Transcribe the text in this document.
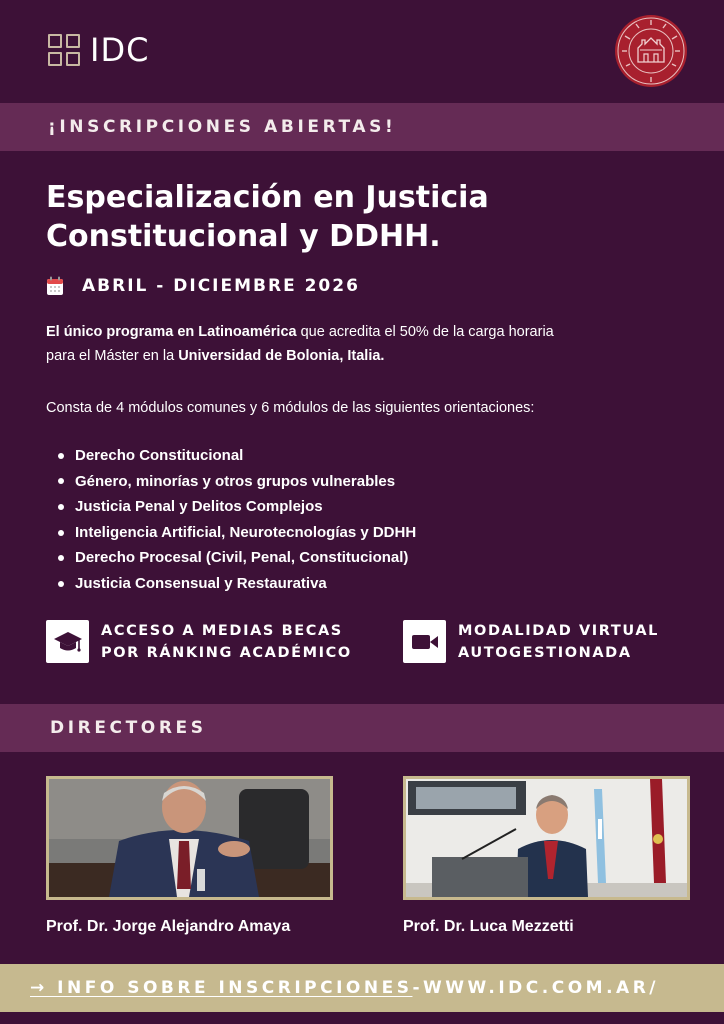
IDC
¡INSCRIPCIONES ABIERTAS!
Especialización en Justicia
Constitucional y DDHH.
ABRIL - DICIEMBRE 2026
El único programa en Latinoamérica que acredita el 50% de la carga horaria
para el Máster en la Universidad de Bolonia, Italia.
Consta de 4 módulos comunes y 6 módulos de las siguientes orientaciones:
Derecho Constitucional
Género, minorías y otros grupos vulnerables
Justicia Penal y Delitos Complejos
Inteligencia Artificial, Neurotecnologías y DDHH
Derecho Procesal (Civil, Penal, Constitucional)
Justicia Consensual y Restaurativa
ACCESO A MEDIAS BECAS
POR RÁNKING ACADÉMICO
MODALIDAD VIRTUAL
AUTOGESTIONADA
DIRECTORES
Prof. Dr. Jorge Alejandro Amaya	Prof. Dr. Luca Mezzetti
→ INFO SOBRE INSCRIPCIONES - WWW.IDC.COM.AR/
